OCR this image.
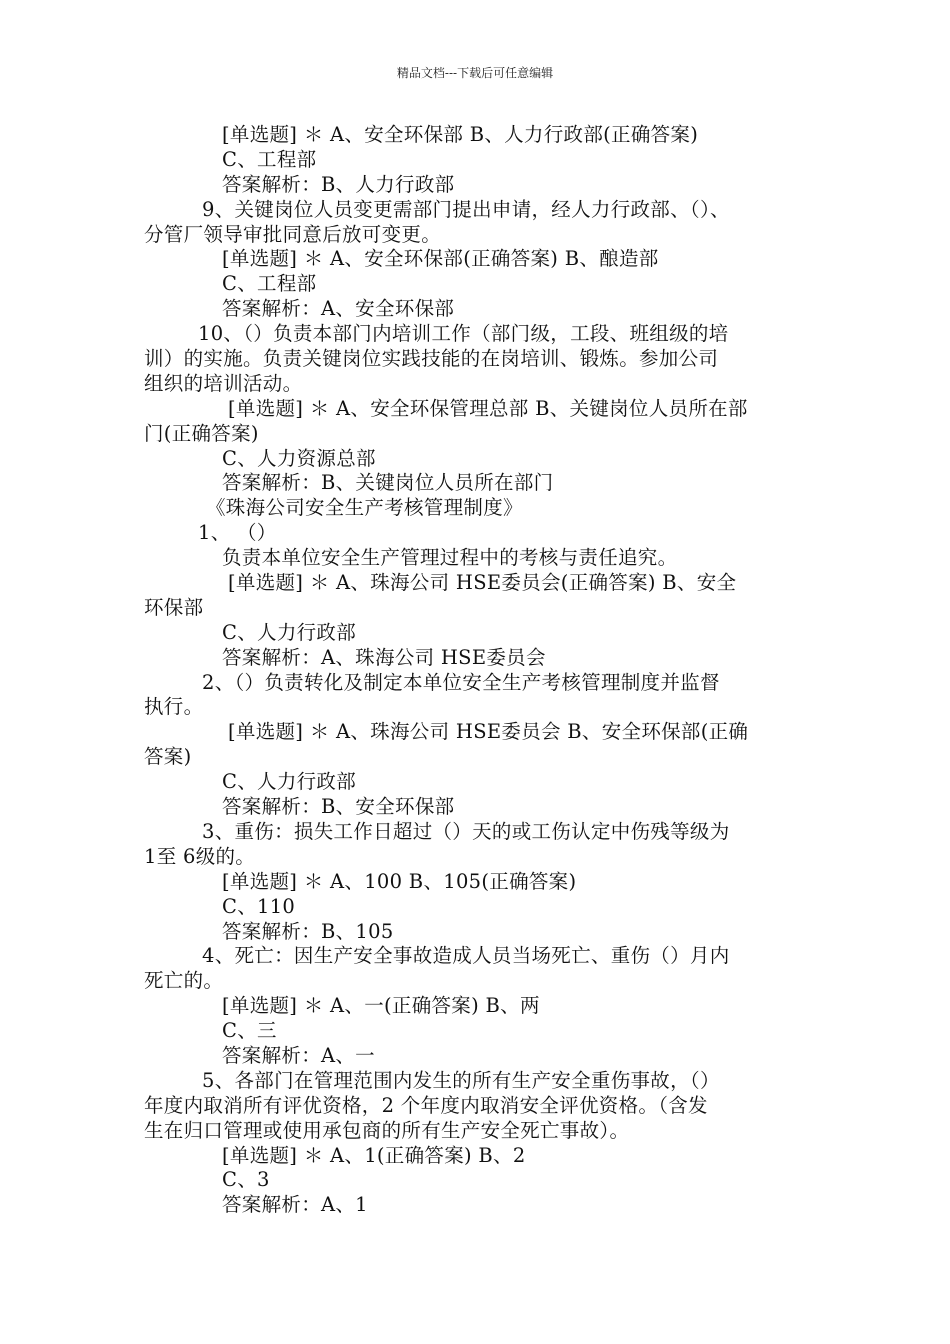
精品文档---下载后可任意编辑
[单选题] ＊ A、安全环保部 B、人力行政部(正确答案)
C、工程部
答案解析：B、人力行政部
9、关键岗位人员变更需部门提出申请，经人力行政部、（）、
分管厂领导审批同意后放可变更。
[单选题] ＊ A、安全环保部(正确答案) B、酿造部
C、工程部
答案解析：A、安全环保部
10、（）负责本部门内培训工作（部门级，工段、班组级的培
训）的实施。负责关键岗位实践技能的在岗培训、锻炼。参加公司
组织的培训活动。
[单选题] ＊ A、安全环保管理总部 B、关键岗位人员所在部
门(正确答案)
C、人力资源总部
答案解析：B、关键岗位人员所在部门
《珠海公司安全生产考核管理制度》
1、 （）
负责本单位安全生产管理过程中的考核与责任追究。
[单选题] ＊ A、珠海公司 HSE委员会(正确答案) B、安全
环保部
C、人力行政部
答案解析：A、珠海公司 HSE委员会
2、（）负责转化及制定本单位安全生产考核管理制度并监督
执行。
[单选题] ＊ A、珠海公司 HSE委员会 B、安全环保部(正确
答案)
C、人力行政部
答案解析：B、安全环保部
3、重伤：损失工作日超过（）天的或工伤认定中伤残等级为
1至 6级的。
[单选题] ＊ A、100 B、105(正确答案)
C、110
答案解析：B、105
4、死亡：因生产安全事故造成人员当场死亡、重伤（）月内
死亡的。
[单选题] ＊ A、一(正确答案) B、两
C、三
答案解析：A、一
5、各部门在管理范围内发生的所有生产安全重伤事故，（）
年度内取消所有评优资格，2 个年度内取消安全评优资格。（含发
生在归口管理或使用承包商的所有生产安全死亡事故）。
[单选题] ＊ A、1(正确答案) B、2
C、3
答案解析：A、1
